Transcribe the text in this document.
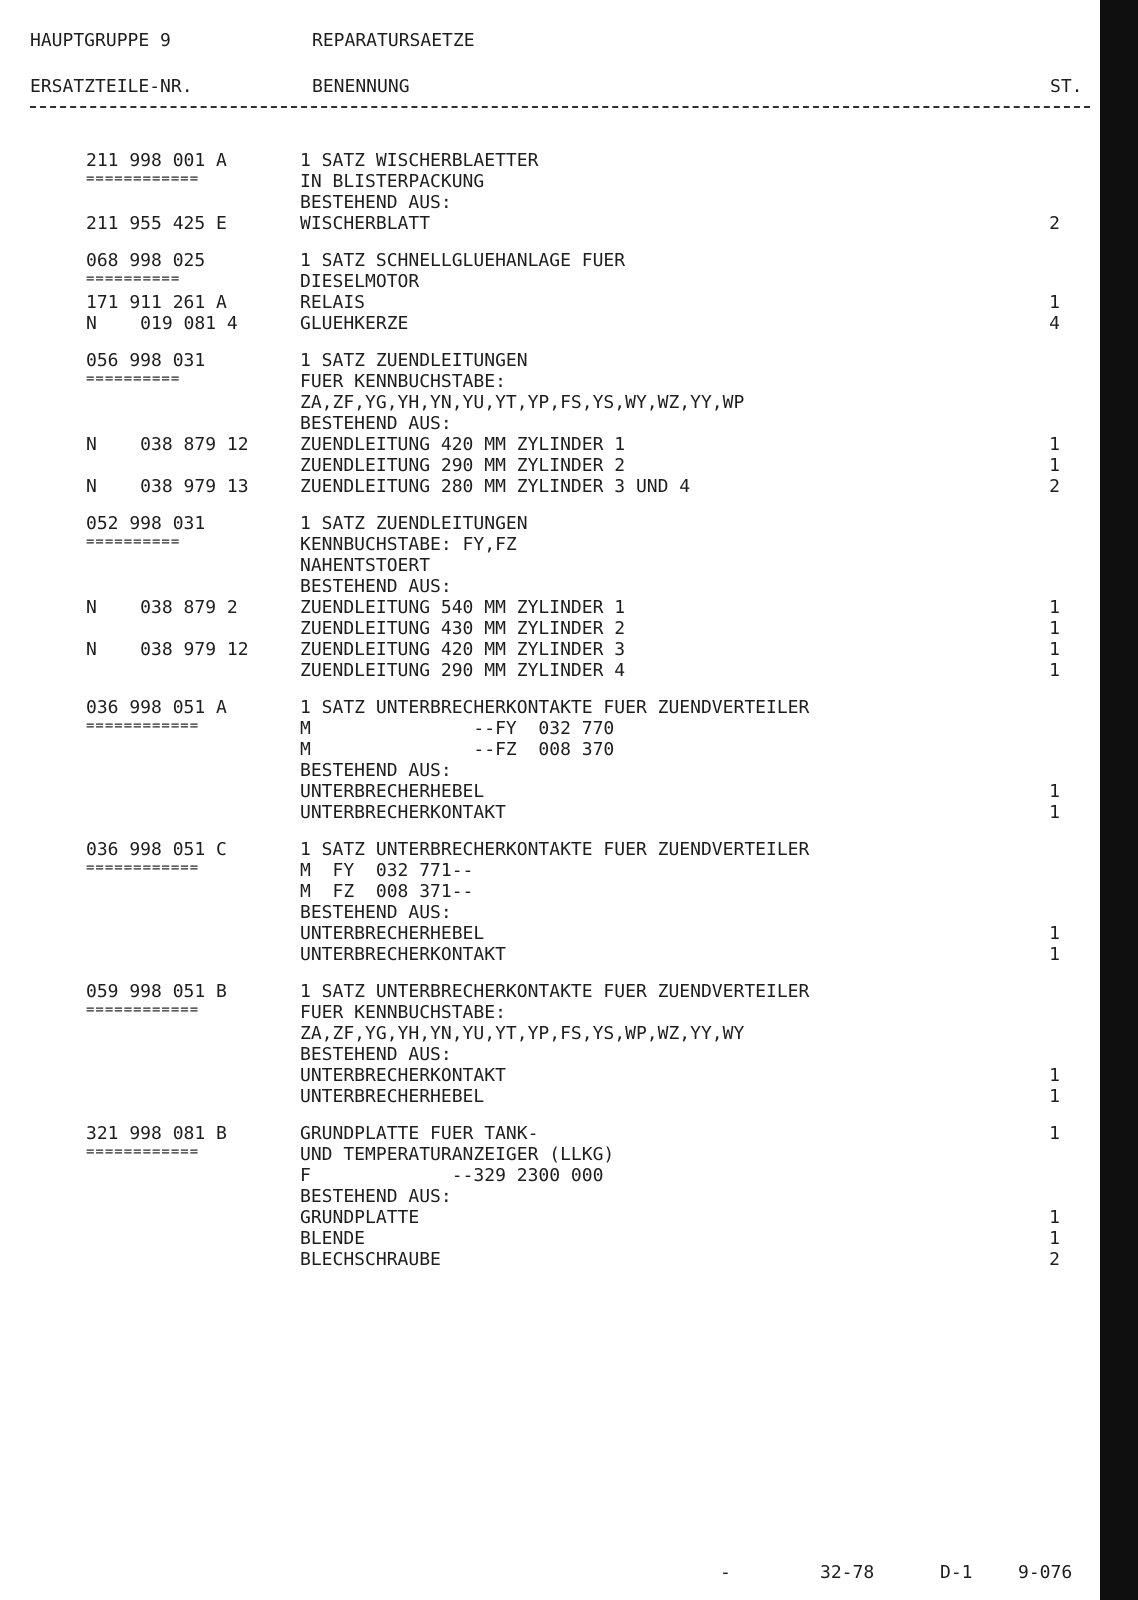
HAUPTGRUPPE 9	REPARATURSAETZE
ERSATZTEILE-NR.	BENENNUNG	ST.
211 998 001 A	1 SATZ WISCHERBLAETTER
============	IN BLISTERPACKUNG
BESTEHEND AUS:
211 955 425 E	WISCHERBLATT	2
068 998 025	1 SATZ SCHNELLGLUEHANLAGE FUER
==========	DIESELMOTOR
171 911 261 A	RELAIS	1
N    019 081 4	GLUEHKERZE	4
056 998 031	1 SATZ ZUENDLEITUNGEN
==========	FUER KENNBUCHSTABE:
ZA,ZF,YG,YH,YN,YU,YT,YP,FS,YS,WY,WZ,YY,WP
BESTEHEND AUS:
N    038 879 12	ZUENDLEITUNG 420 MM ZYLINDER 1	1
ZUENDLEITUNG 290 MM ZYLINDER 2	1
N    038 979 13	ZUENDLEITUNG 280 MM ZYLINDER 3 UND 4	2
052 998 031	1 SATZ ZUENDLEITUNGEN
==========	KENNBUCHSTABE: FY,FZ
NAHENTSTOERT
BESTEHEND AUS:
N    038 879 2	ZUENDLEITUNG 540 MM ZYLINDER 1	1
ZUENDLEITUNG 430 MM ZYLINDER 2	1
N    038 979 12	ZUENDLEITUNG 420 MM ZYLINDER 3	1
ZUENDLEITUNG 290 MM ZYLINDER 4	1
036 998 051 A	1 SATZ UNTERBRECHERKONTAKTE FUER ZUENDVERTEILER
============	M               --FY  032 770
M               --FZ  008 370
BESTEHEND AUS:
UNTERBRECHERHEBEL	1
UNTERBRECHERKONTAKT	1
036 998 051 C	1 SATZ UNTERBRECHERKONTAKTE FUER ZUENDVERTEILER
============	M  FY  032 771--
M  FZ  008 371--
BESTEHEND AUS:
UNTERBRECHERHEBEL	1
UNTERBRECHERKONTAKT	1
059 998 051 B	1 SATZ UNTERBRECHERKONTAKTE FUER ZUENDVERTEILER
============	FUER KENNBUCHSTABE:
ZA,ZF,YG,YH,YN,YU,YT,YP,FS,YS,WP,WZ,YY,WY
BESTEHEND AUS:
UNTERBRECHERKONTAKT	1
UNTERBRECHERHEBEL	1
321 998 081 B	GRUNDPLATTE FUER TANK-	1
============	UND TEMPERATURANZEIGER (LLKG)
F             --329 2300 000
BESTEHEND AUS:
GRUNDPLATTE	1
BLENDE	1
BLECHSCHRAUBE	2
-	32-78	D-1	9-076
